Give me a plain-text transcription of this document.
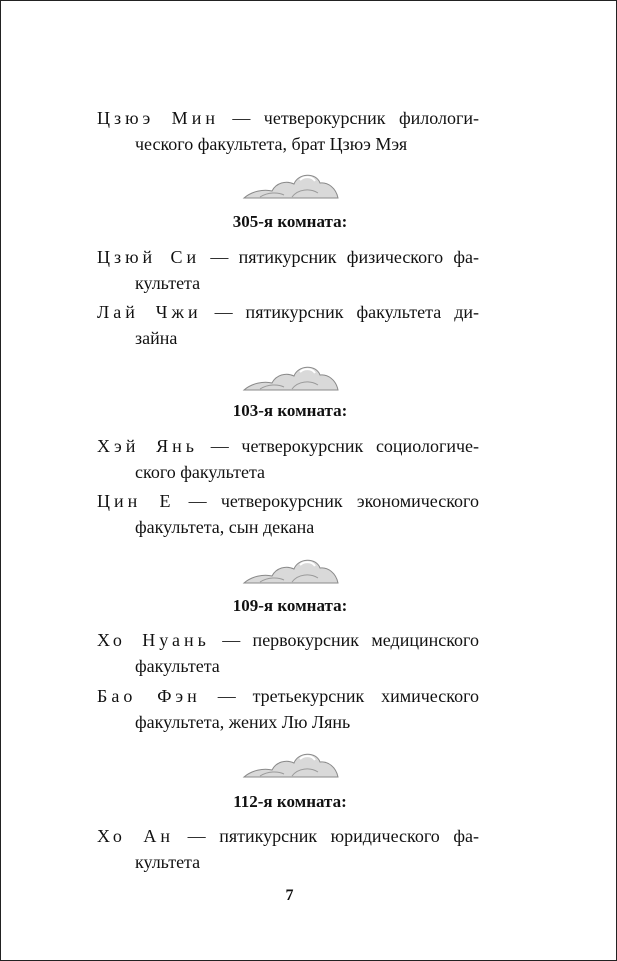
Цзюэ Мин — четверокурсник филологи-
ческого факультета, брат Цзюэ Мэя
305-я комната:
Цзюй Си — пятикурсник физического фа-
культета
Лай Чжи — пятикурсник факультета ди-
зайна
103-я комната:
Хэй Янь — четверокурсник социологиче-
ского факультета
Цин Е — четверокурсник экономического
факультета, сын декана
109-я комната:
Хо Нуань — первокурсник медицинского
факультета
Бао Фэн — третьекурсник химического
факультета, жених Лю Лянь
112-я комната:
Хо Ан — пятикурсник юридического фа-
культета
7
